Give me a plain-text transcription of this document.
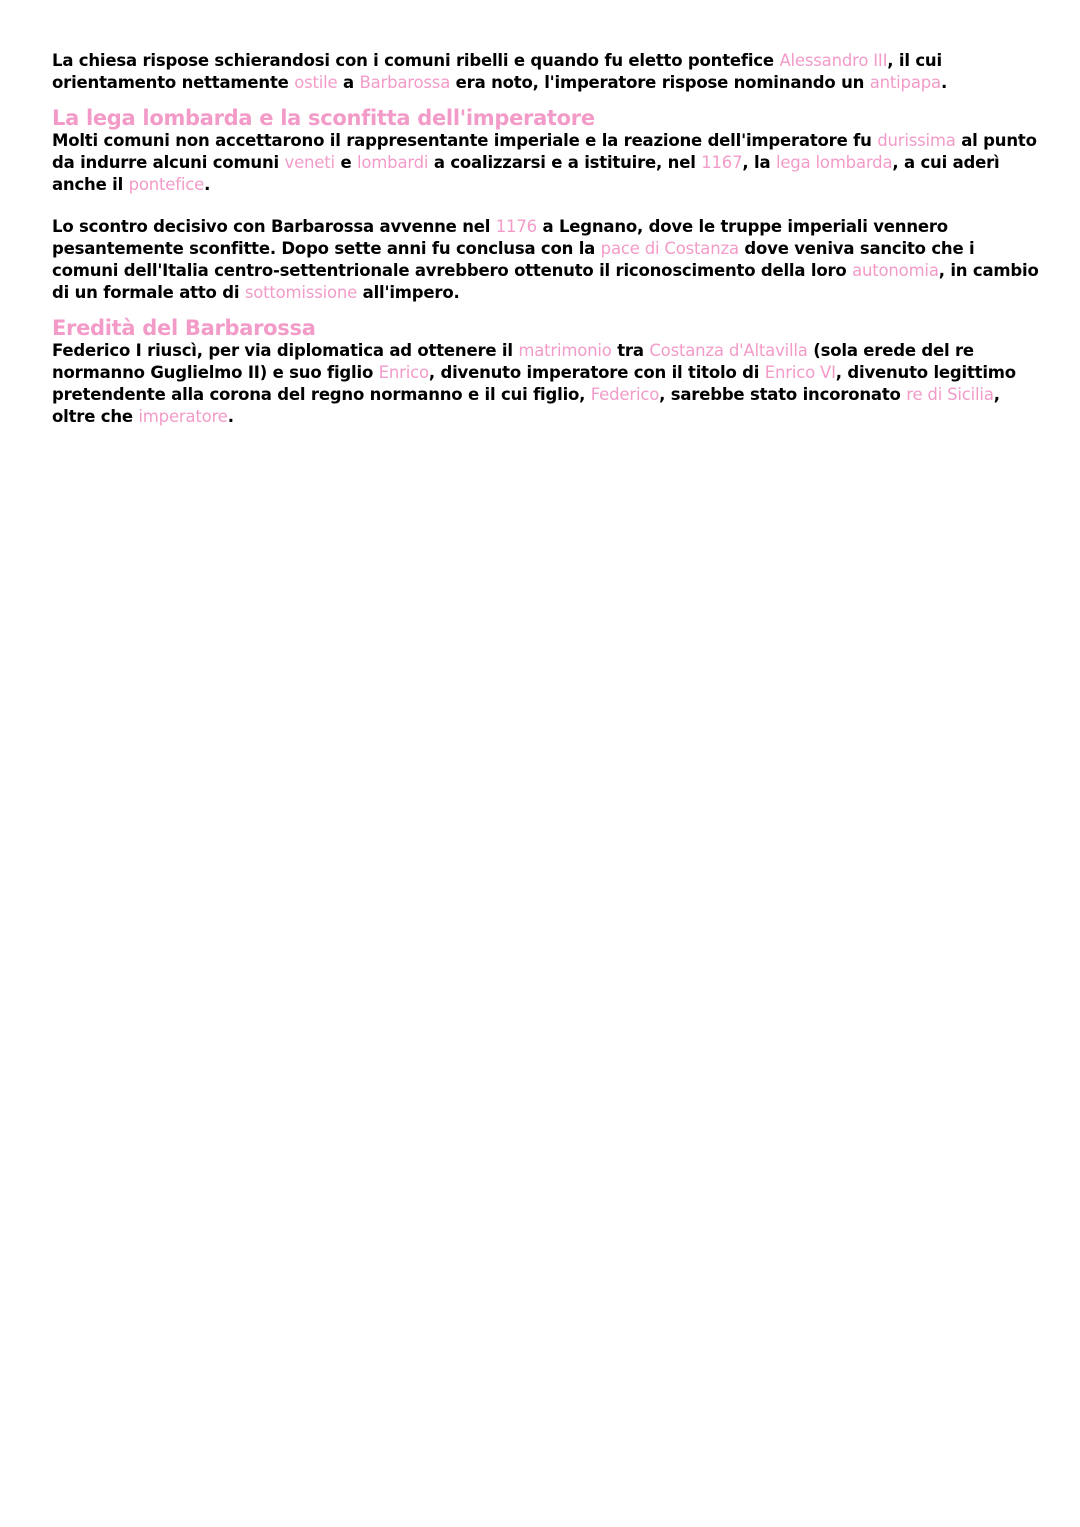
La chiesa rispose schierandosi con i comuni ribelli e quando fu eletto pontefice Alessandro III, il cui orientamento nettamente ostile a Barbarossa era noto, l'imperatore rispose nominando un antipapa.

La lega lombarda e la sconfitta dell'imperatore

Molti comuni non accettarono il rappresentante imperiale e la reazione dell'imperatore fu durissima al punto da indurre alcuni comuni veneti e lombardi a coalizzarsi e a istituire, nel 1167, la lega lombarda, a cui aderì anche il pontefice.

Lo scontro decisivo con Barbarossa avvenne nel 1176 a Legnano, dove le truppe imperiali vennero pesantemente sconfitte. Dopo sette anni fu conclusa con la pace di Costanza dove veniva sancito che i comuni dell'Italia centro-settentrionale avrebbero ottenuto il riconoscimento della loro autonomia, in cambio di un formale atto di sottomissione all'impero.

Eredità del Barbarossa

Federico I riuscì, per via diplomatica ad ottenere il matrimonio tra Costanza d'Altavilla (sola erede del re normanno Guglielmo II) e suo figlio Enrico, divenuto imperatore con il titolo di Enrico VI, divenuto legittimo pretendente alla corona del regno normanno e il cui figlio, Federico, sarebbe stato incoronato re di Sicilia, oltre che imperatore.
